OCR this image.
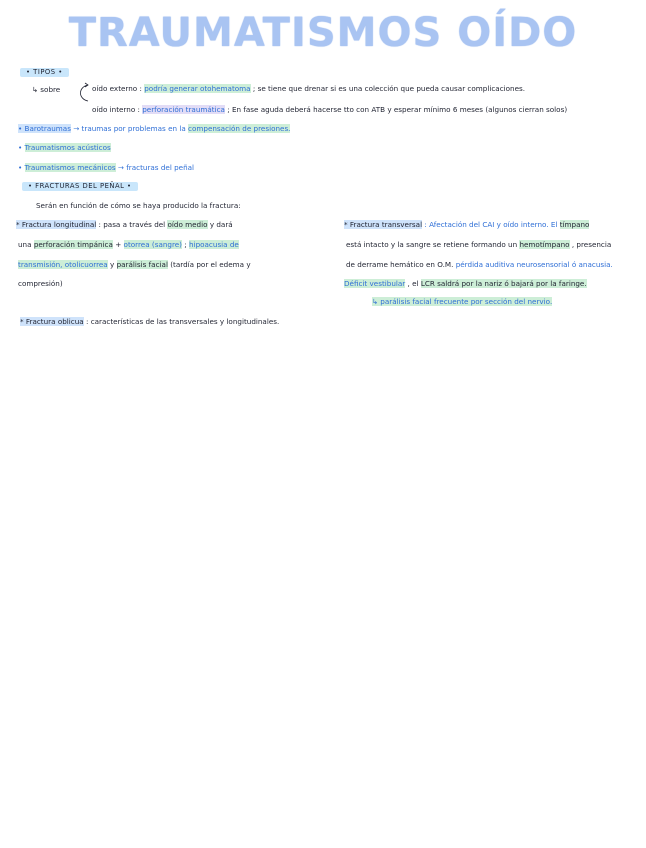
TRAUMATISMOS OÍDO
• TIPOS •
↳ sobre	oído externo : podría generar otohematoma ; se tiene que drenar si es una colección que pueda causar complicaciones.
oído interno : perforación traumática ; En fase aguda deberá hacerse tto con ATB y esperar mínimo 6 meses (algunos cierran solos)
• Barotraumas → traumas por problemas en la compensación de presiones.
• Traumatismos acústicos
• Traumatismos mecánicos → fracturas del peñal
• FRACTURAS DEL PEÑAL •
Serán en función de cómo se haya producido la fractura:
* Fractura longitudinal : pasa a través del oído medio y dará
una perforación timpánica + otorrea (sangre) ; hipoacusia de
transmisión, otolicuorrea y parálisis facial (tardía por el edema y
compresión)
* Fractura transversal : Afectación del CAI y oído interno. El tímpano
está intacto y la sangre se retiene formando un hemotímpano , presencia
de derrame hemático en O.M. pérdida auditiva neurosensorial ó anacusia.
Déficit vestibular , el LCR saldrá por la nariz ó bajará por la faringe.
↳ parálisis facial frecuente por sección del nervio.
* Fractura oblicua : características de las transversales y longitudinales.
